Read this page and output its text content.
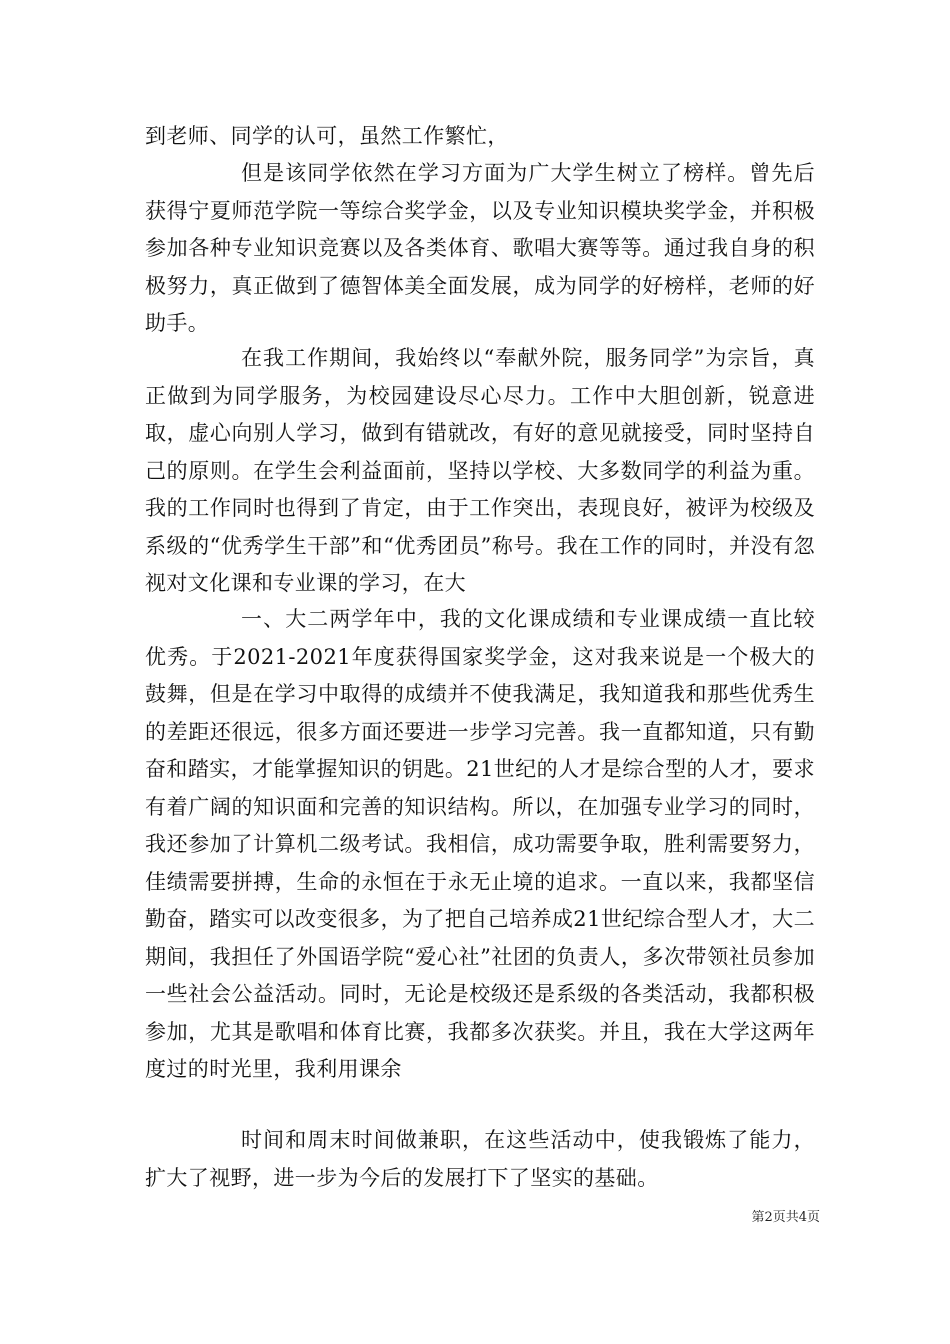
到老师、同学的认可，虽然工作繁忙，

但是该同学依然在学习方面为广大学生树立了榜样。曾先后获得宁夏师范学院一等综合奖学金，以及专业知识模块奖学金，并积极参加各种专业知识竞赛以及各类体育、歌唱大赛等等。通过我自身的积极努力，真正做到了德智体美全面发展，成为同学的好榜样，老师的好助手。

在我工作期间，我始终以“奉献外院，服务同学”为宗旨，真正做到为同学服务，为校园建设尽心尽力。工作中大胆创新，锐意进取，虚心向别人学习，做到有错就改，有好的意见就接受，同时坚持自己的原则。在学生会利益面前，坚持以学校、大多数同学的利益为重。我的工作同时也得到了肯定，由于工作突出，表现良好，被评为校级及系级的“优秀学生干部”和“优秀团员”称号。我在工作的同时，并没有忽视对文化课和专业课的学习，在大

一、大二两学年中，我的文化课成绩和专业课成绩一直比较优秀。于2021-2021年度获得国家奖学金，这对我来说是一个极大的鼓舞，但是在学习中取得的成绩并不使我满足，我知道我和那些优秀生的差距还很远，很多方面还要进一步学习完善。我一直都知道，只有勤奋和踏实，才能掌握知识的钥匙。21世纪的人才是综合型的人才，要求有着广阔的知识面和完善的知识结构。所以，在加强专业学习的同时，我还参加了计算机二级考试。我相信，成功需要争取，胜利需要努力，佳绩需要拼搏，生命的永恒在于永无止境的追求。一直以来，我都坚信勤奋，踏实可以改变很多，为了把自己培养成21世纪综合型人才，大二期间，我担任了外国语学院“爱心社”社团的负责人，多次带领社员参加一些社会公益活动。同时，无论是校级还是系级的各类活动，我都积极参加，尤其是歌唱和体育比赛，我都多次获奖。并且，我在大学这两年度过的时光里，我利用课余

时间和周末时间做兼职，在这些活动中，使我锻炼了能力，扩大了视野，进一步为今后的发展打下了坚实的基础。

第2页共4页
